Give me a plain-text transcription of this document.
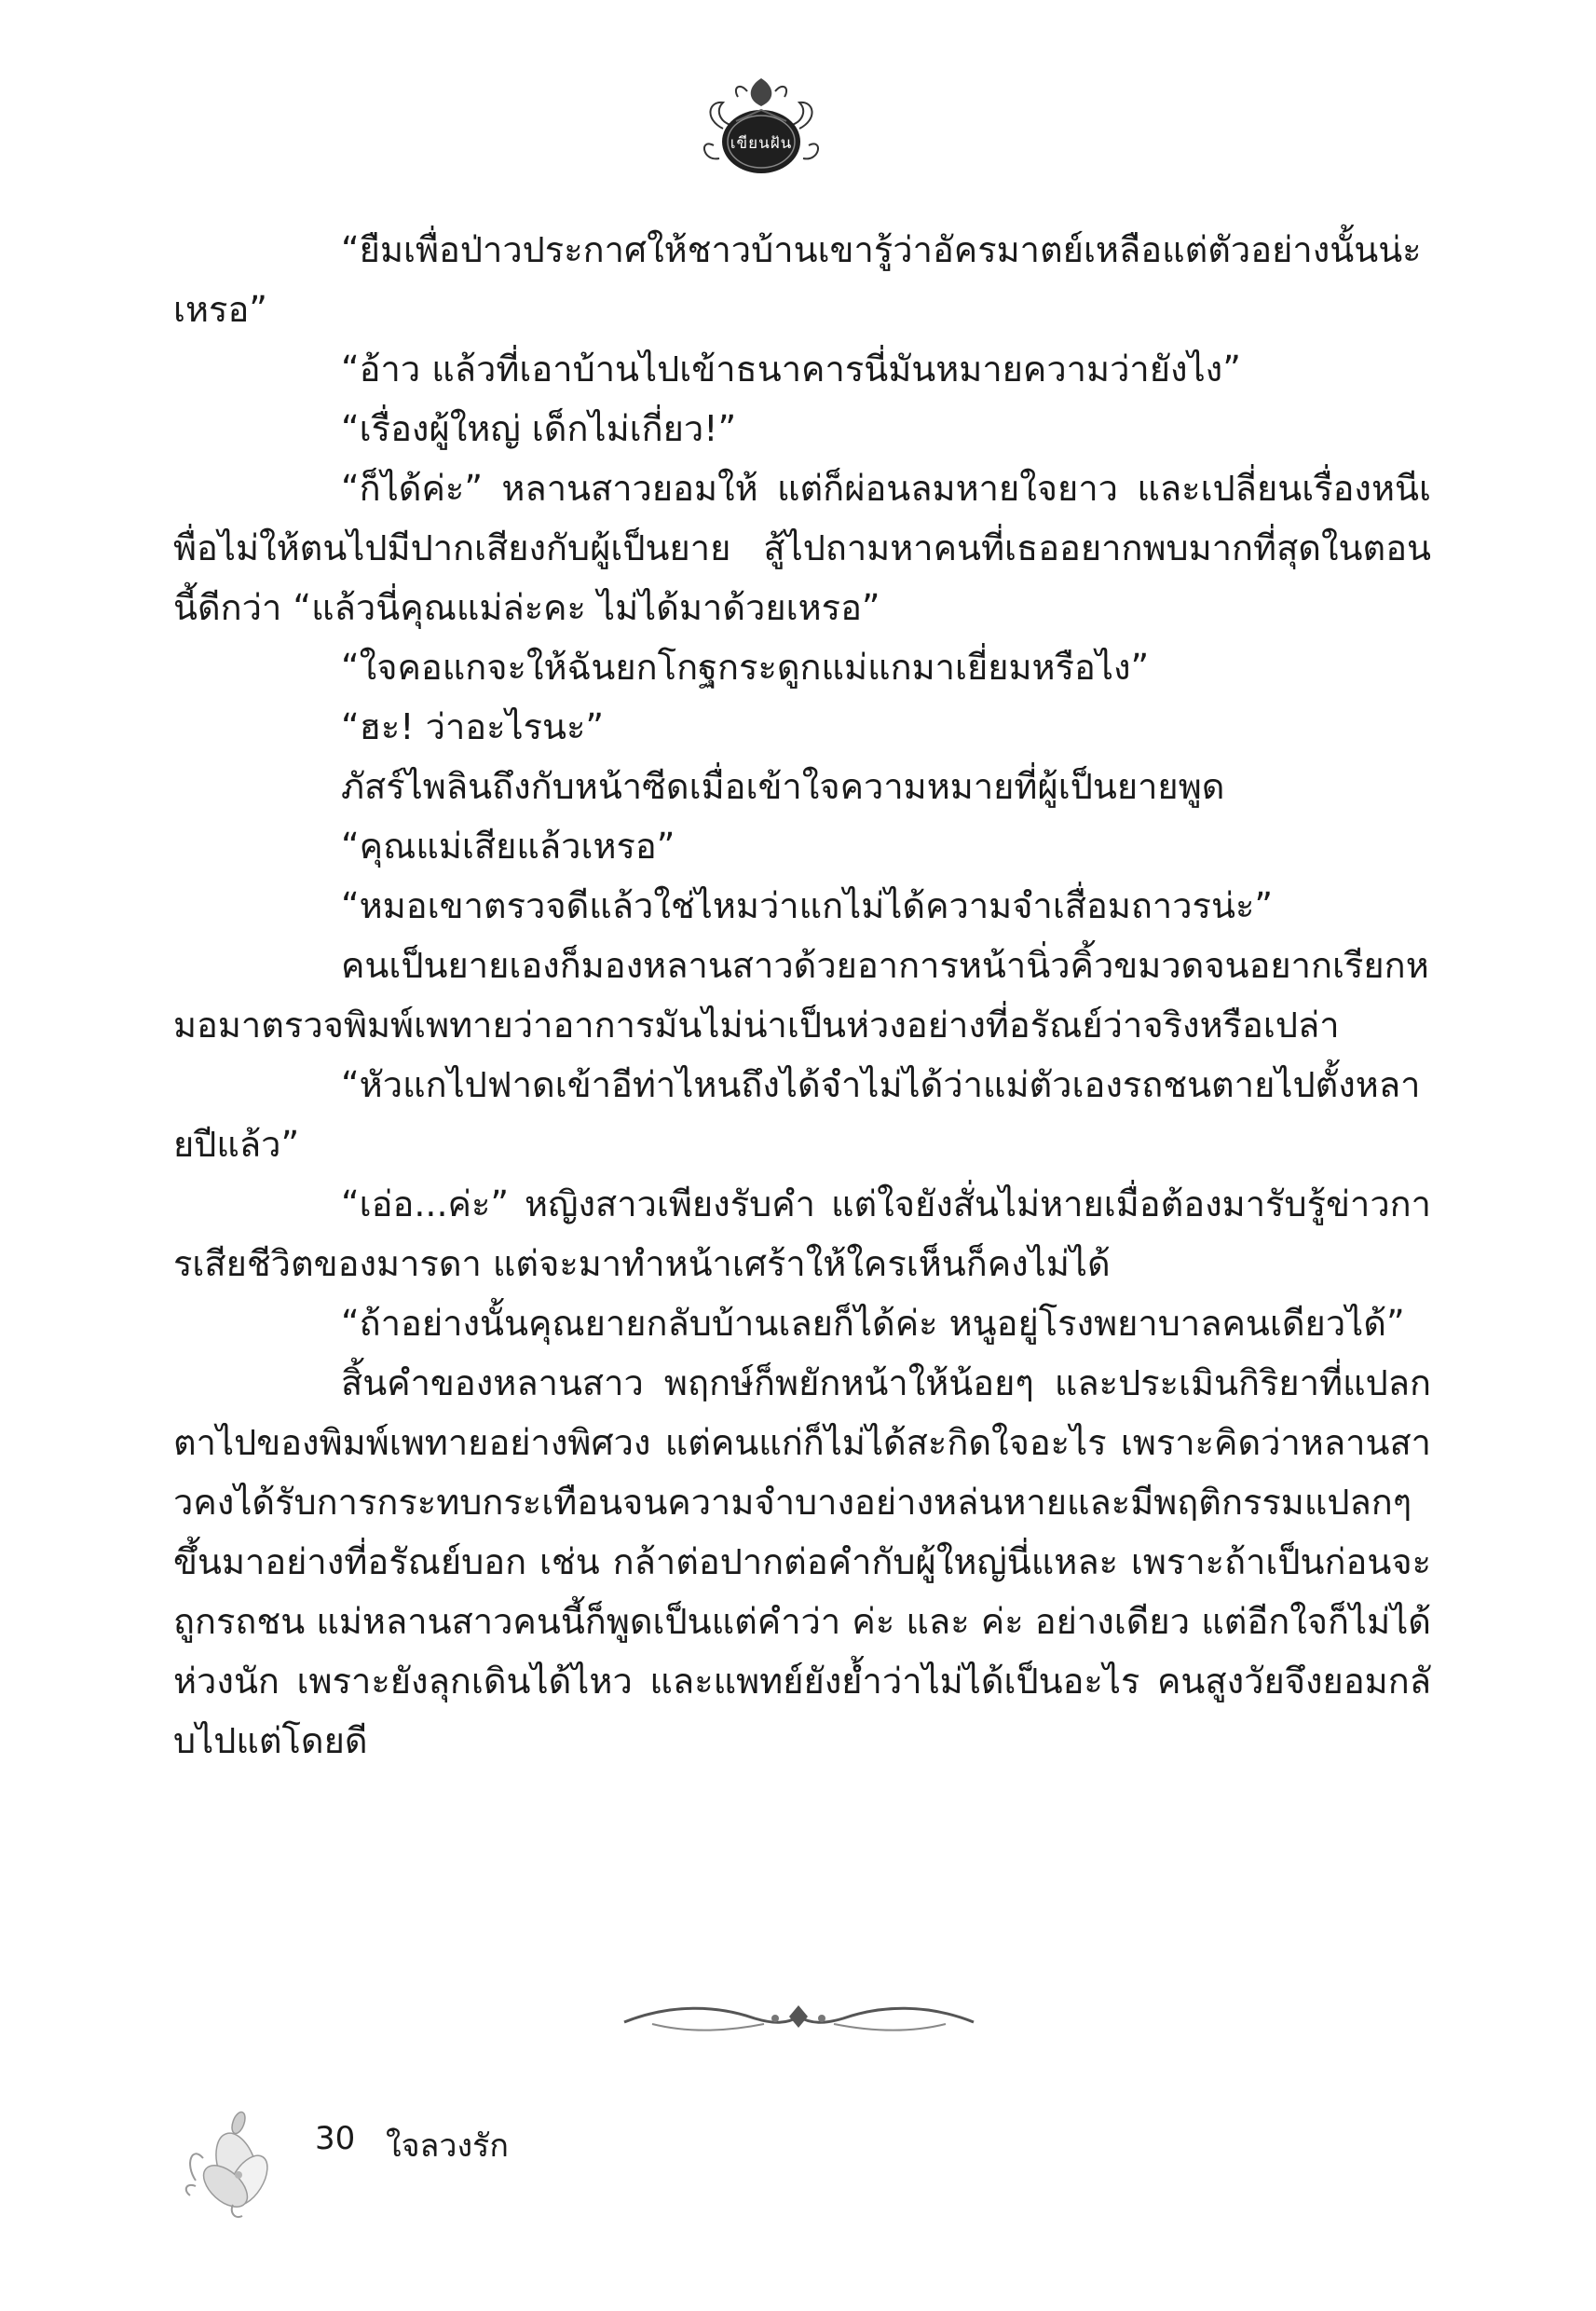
เขียนฝัน

“ยืมเพื่อป่าวประกาศให้ชาวบ้านเขารู้ว่าอัครมาตย์เหลือแต่ตัวอย่างนั้นน่ะเหรอ”

“อ้าว แล้วที่เอาบ้านไปเข้าธนาคารนี่มันหมายความว่ายังไง”

“เรื่องผู้ใหญ่ เด็กไม่เกี่ยว!”

“ก็ได้ค่ะ” หลานสาวยอมให้ แต่ก็ผ่อนลมหายใจยาว และเปลี่ยนเรื่องหนีเพื่อไม่ให้ตนไปมีปากเสียงกับผู้เป็นยาย สู้ไปถามหาคนที่เธออยากพบมากที่สุดในตอนนี้ดีกว่า “แล้วนี่คุณแม่ล่ะคะ ไม่ได้มาด้วยเหรอ”

“ใจคอแกจะให้ฉันยกโกฐกระดูกแม่แกมาเยี่ยมหรือไง”

“ฮะ! ว่าอะไรนะ”

ภัสร์ไพลินถึงกับหน้าซีดเมื่อเข้าใจความหมายที่ผู้เป็นยายพูด

“คุณแม่เสียแล้วเหรอ”

“หมอเขาตรวจดีแล้วใช่ไหมว่าแกไม่ได้ความจำเสื่อมถาวรน่ะ”

คนเป็นยายเองก็มองหลานสาวด้วยอาการหน้านิ่วคิ้วขมวดจนอยากเรียกหมอมาตรวจพิมพ์เพทายว่าอาการมันไม่น่าเป็นห่วงอย่างที่อรัณย์ว่าจริงหรือเปล่า

“หัวแกไปฟาดเข้าอีท่าไหนถึงได้จำไม่ได้ว่าแม่ตัวเองรถชนตายไปตั้งหลายปีแล้ว”

“เอ่อ...ค่ะ” หญิงสาวเพียงรับคำ แต่ใจยังสั่นไม่หายเมื่อต้องมารับรู้ข่าวการเสียชีวิตของมารดา แต่จะมาทำหน้าเศร้าให้ใครเห็นก็คงไม่ได้

“ถ้าอย่างนั้นคุณยายกลับบ้านเลยก็ได้ค่ะ หนูอยู่โรงพยาบาลคนเดียวได้”

สิ้นคำของหลานสาว พฤกษ์ก็พยักหน้าให้น้อยๆ และประเมินกิริยาที่แปลกตาไปของพิมพ์เพทายอย่างพิศวง แต่คนแก่ก็ไม่ได้สะกิดใจอะไร เพราะคิดว่าหลานสาวคงได้รับการกระทบกระเทือนจนความจำบางอย่างหล่นหายและมีพฤติกรรมแปลกๆ ขึ้นมาอย่างที่อรัณย์บอก เช่น กล้าต่อปากต่อคำกับผู้ใหญ่นี่แหละ เพราะถ้าเป็นก่อนจะถูกรถชน แม่หลานสาวคนนี้ก็พูดเป็นแต่คำว่า ค่ะ และ ค่ะ อย่างเดียว แต่อีกใจก็ไม่ได้ห่วงนัก เพราะยังลุกเดินได้ไหว และแพทย์ยังย้ำว่าไม่ได้เป็นอะไร คนสูงวัยจึงยอมกลับไปแต่โดยดี

30 ใจลวงรัก
